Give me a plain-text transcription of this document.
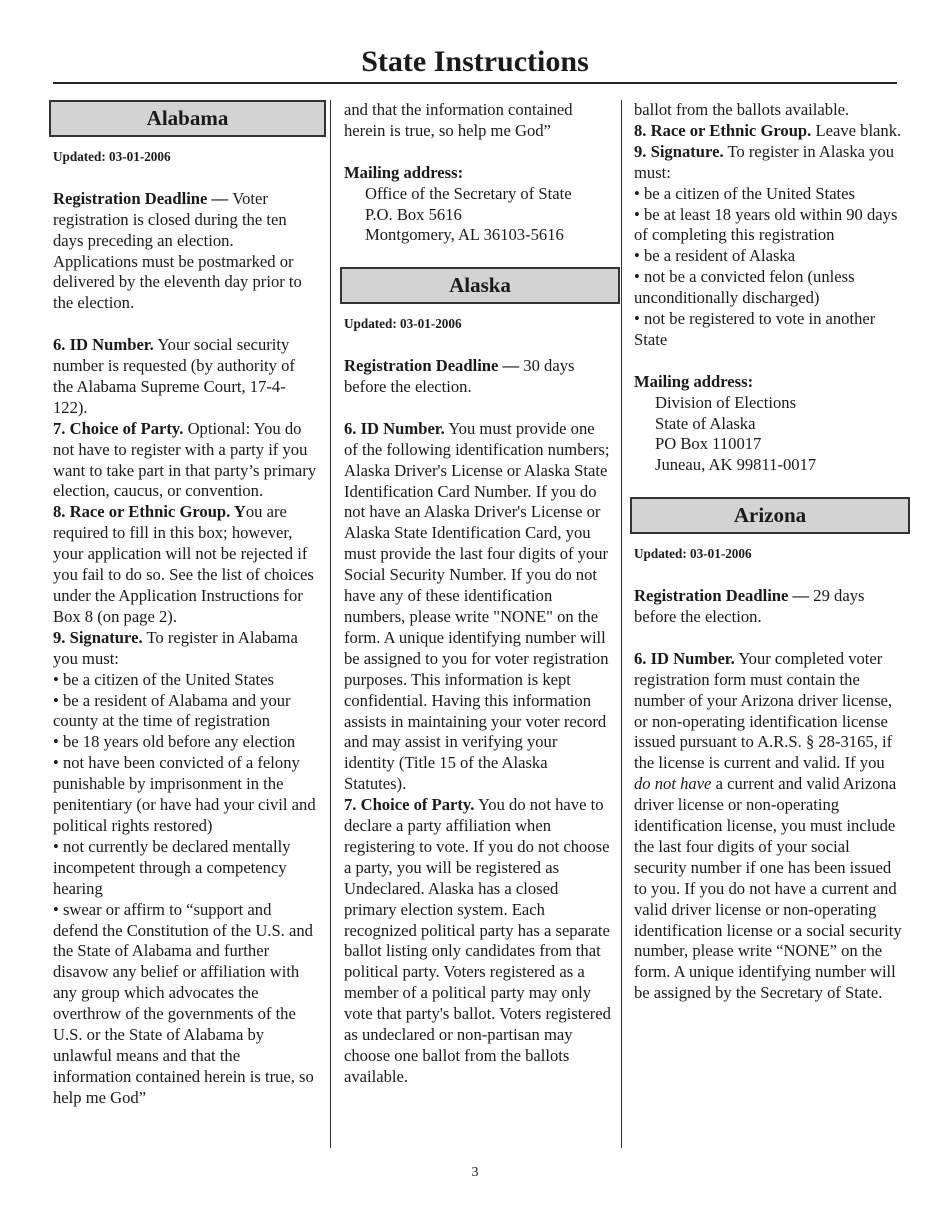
State Instructions
Alabama
Updated: 03-01-2006

Registration Deadline — Voter registration is closed during the ten days preceding an election. Applications must be postmarked or delivered by the eleventh day prior to the election.

6. ID Number. Your social security number is requested (by authority of the Alabama Supreme Court, 17-4-122).

7. Choice of Party. Optional: You do not have to register with a party if you want to take part in that party’s primary election, caucus, or convention.

8. Race or Ethnic Group. You are required to fill in this box; however, your application will not be rejected if you fail to do so. See the list of choices under the Application Instructions for Box 8 (on page 2).

9. Signature. To register in Alabama you must:

• be a citizen of the United States

• be a resident of Alabama and your county at the time of registration

• be 18 years old before any election

• not have been convicted of a felony punishable by imprisonment in the penitentiary (or have had your civil and political rights restored)

• not currently be declared mentally incompetent through a competency hearing

• swear or affirm to “support and defend the Constitution of the U.S. and the State of Alabama and further disavow any belief or affiliation with any group which advocates the overthrow of the governments of the U.S. or the State of Alabama by unlawful means and that the information contained herein is true, so help me God”

and that the information contained herein is true, so help me God”

Mailing address:

Office of the Secretary of State

P.O. Box 5616

Montgomery, AL 36103-5616

Alaska
Updated: 03-01-2006

Registration Deadline — 30 days before the election.

6. ID Number. You must provide one of the following identification numbers; Alaska Driver's License or Alaska State Identification Card Number. If you do not have an Alaska Driver's License or Alaska State Identification Card, you must provide the last four digits of your Social Security Number. If you do not have any of these identification numbers, please write "NONE" on the form. A unique identifying number will be assigned to you for voter registration purposes. This information is kept confidential. Having this information assists in maintaining your voter record and may assist in verifying your identity (Title 15 of the Alaska Statutes).

7. Choice of Party. You do not have to declare a party affiliation when registering to vote. If you do not choose a party, you will be registered as Undeclared. Alaska has a closed primary election system. Each recognized political party has a separate ballot listing only candidates from that political party. Voters registered as a member of a political party may only vote that party's ballot. Voters registered as undeclared or non-partisan may choose one ballot from the ballots available.

ballot from the ballots available.

8. Race or Ethnic Group. Leave blank.

9. Signature. To register in Alaska you must:

• be a citizen of the United States

• be at least 18 years old within 90 days of completing this registration

• be a resident of Alaska

• not be a convicted felon (unless unconditionally discharged)

• not be registered to vote in another State

Mailing address:

Division of Elections

State of Alaska

PO Box 110017

Juneau, AK 99811-0017

Arizona
Updated: 03-01-2006

Registration Deadline — 29 days before the election.

6. ID Number. Your completed voter registration form must contain the number of your Arizona driver license, or non-operating identification license issued pursuant to A.R.S. § 28-3165, if the license is current and valid. If you do not have a current and valid Arizona driver license or non-operating identification license, you must include the last four digits of your social security number if one has been issued to you. If you do not have a current and valid driver license or non-operating identification license or a social security number, please write “NONE” on the form. A unique identifying number will be assigned by the Secretary of State.

3
